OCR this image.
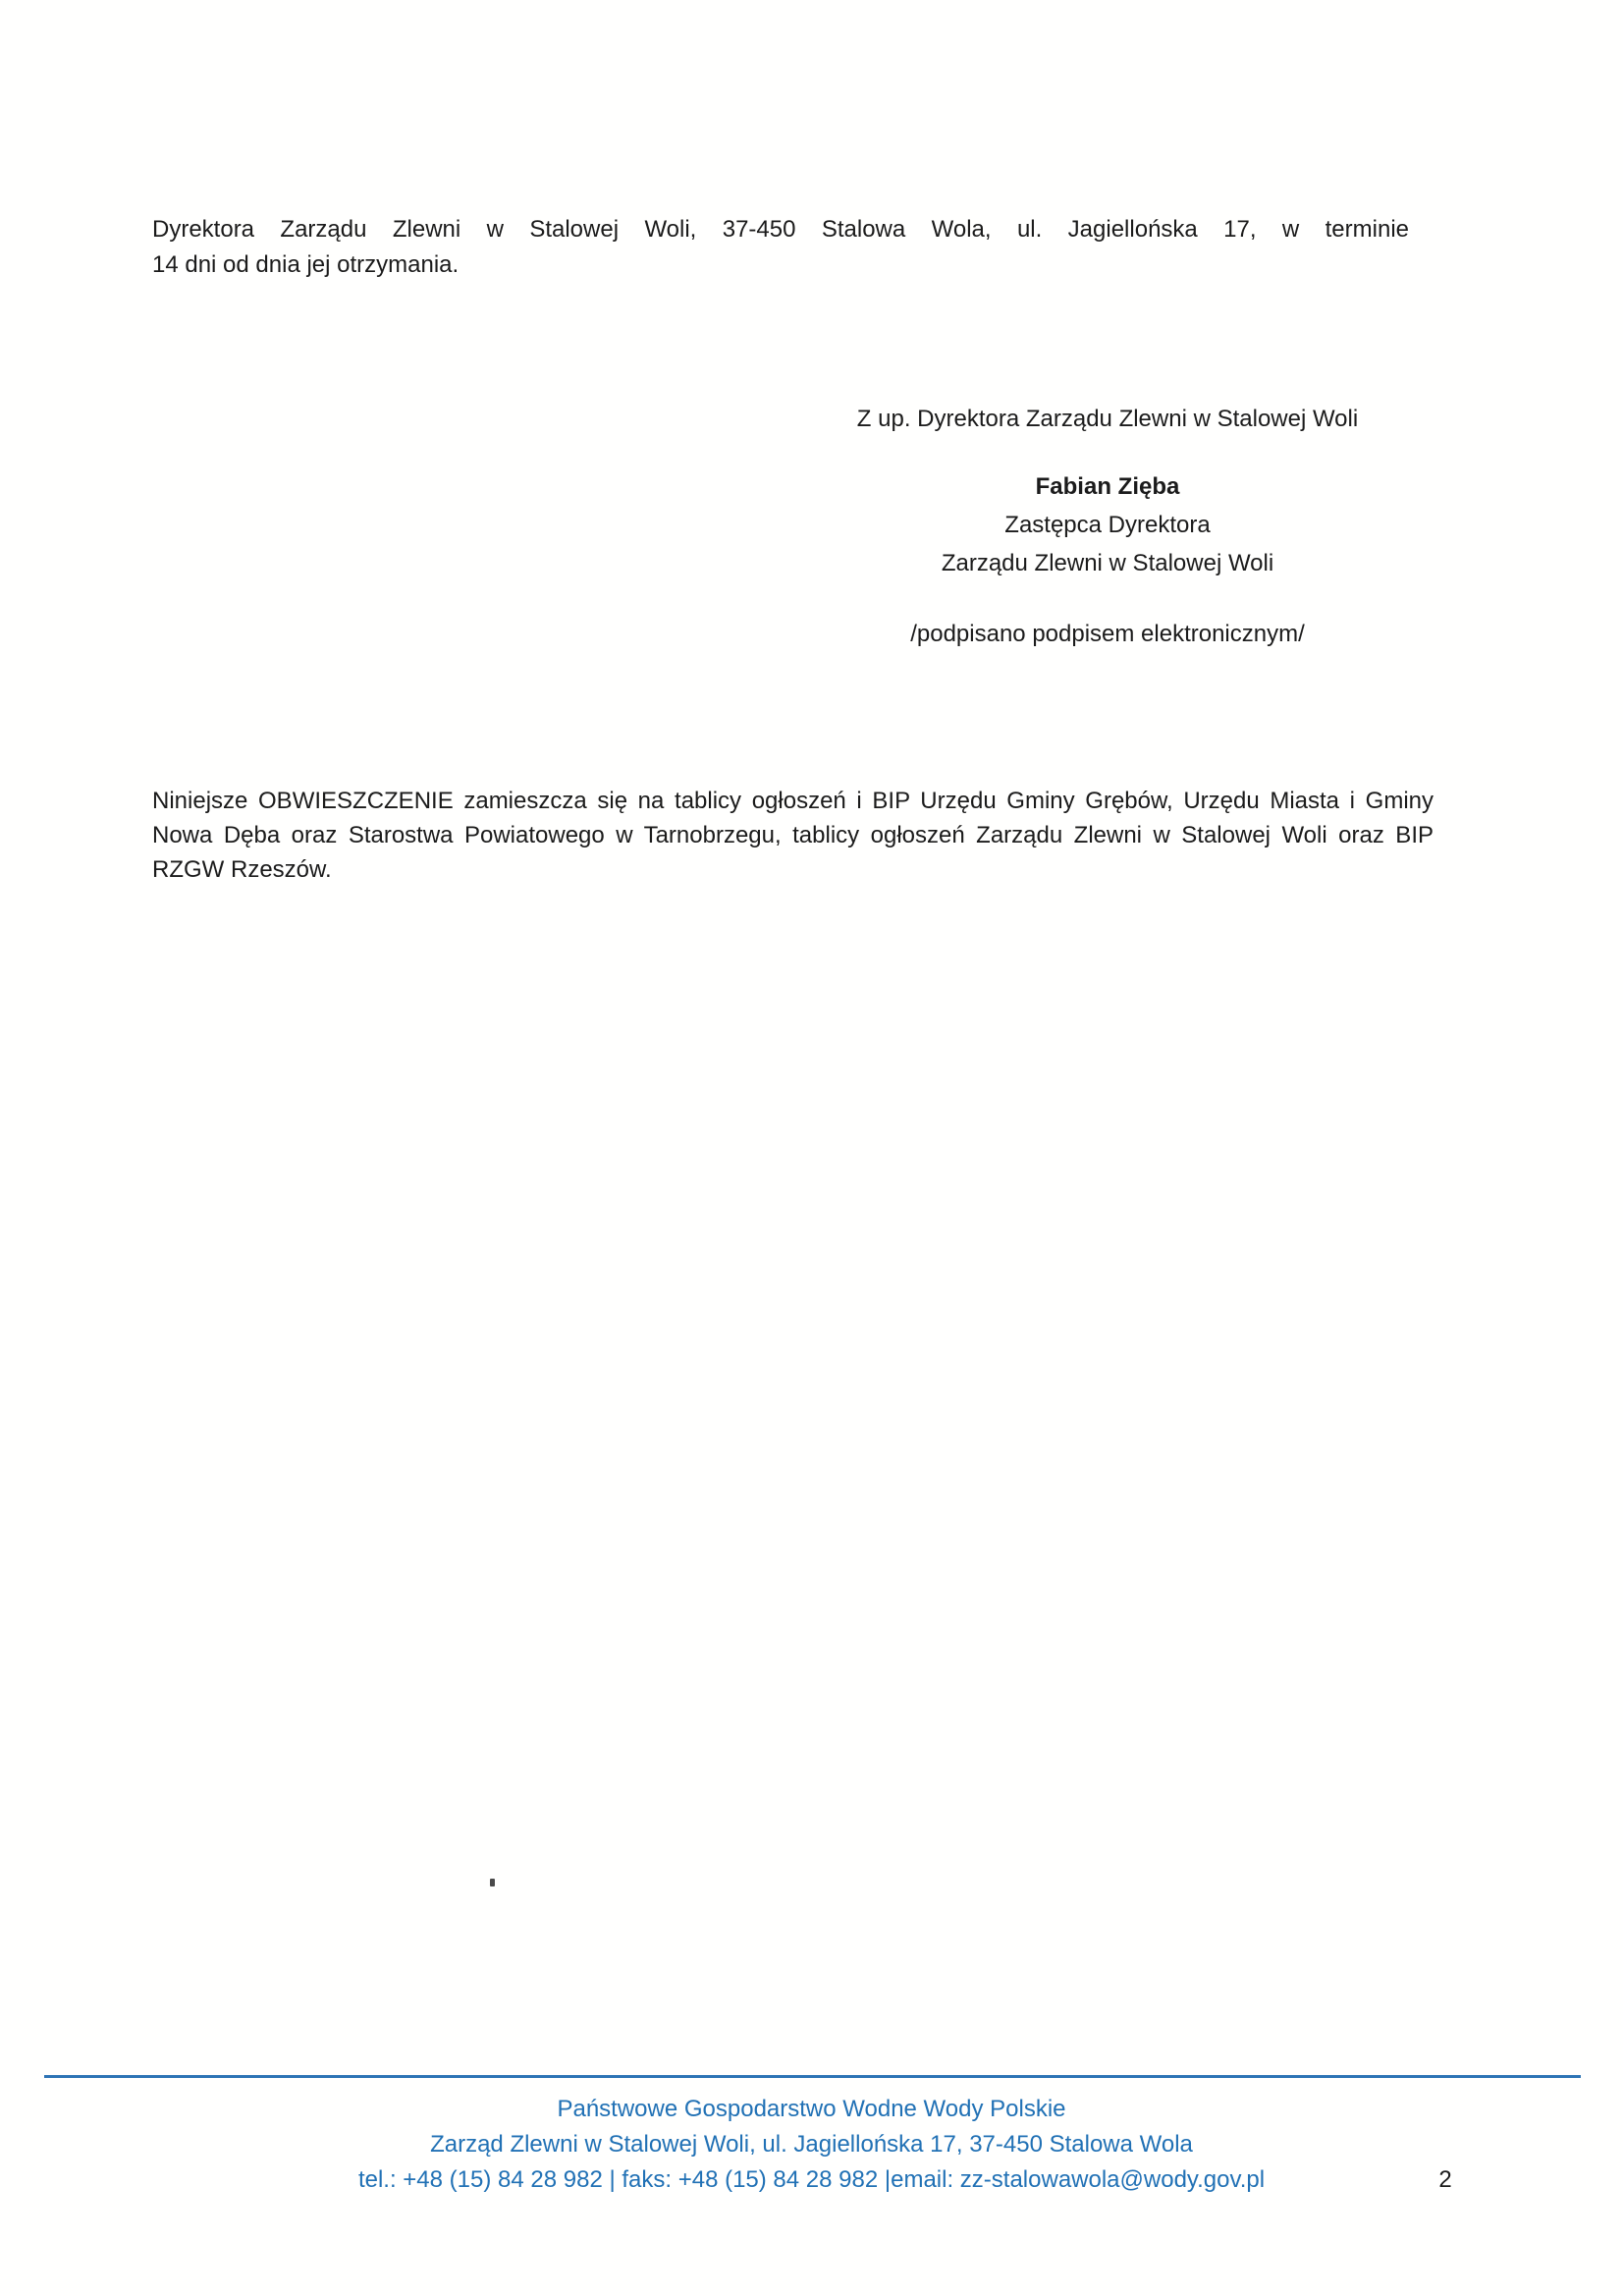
Dyrektora Zarządu Zlewni w Stalowej Woli, 37-450 Stalowa Wola, ul. Jagiellońska 17, w terminie
14 dni od dnia jej otrzymania.
Z up. Dyrektora Zarządu Zlewni w Stalowej Woli
Fabian Zięba
Zastępca Dyrektora
Zarządu Zlewni w Stalowej Woli
/podpisano podpisem elektronicznym/
Niniejsze OBWIESZCZENIE zamieszcza się na tablicy ogłoszeń i BIP Urzędu Gminy Grębów, Urzędu Miasta i Gminy
Nowa Dęba oraz Starostwa Powiatowego w Tarnobrzegu, tablicy ogłoszeń Zarządu Zlewni w Stalowej Woli oraz BIP
RZGW Rzeszów.
Państwowe Gospodarstwo Wodne Wody Polskie
Zarząd Zlewni w Stalowej Woli, ul. Jagiellońska 17, 37-450 Stalowa Wola
tel.: +48 (15) 84 28 982 | faks: +48 (15) 84 28 982 |email: zz-stalowawola@wody.gov.pl	2
